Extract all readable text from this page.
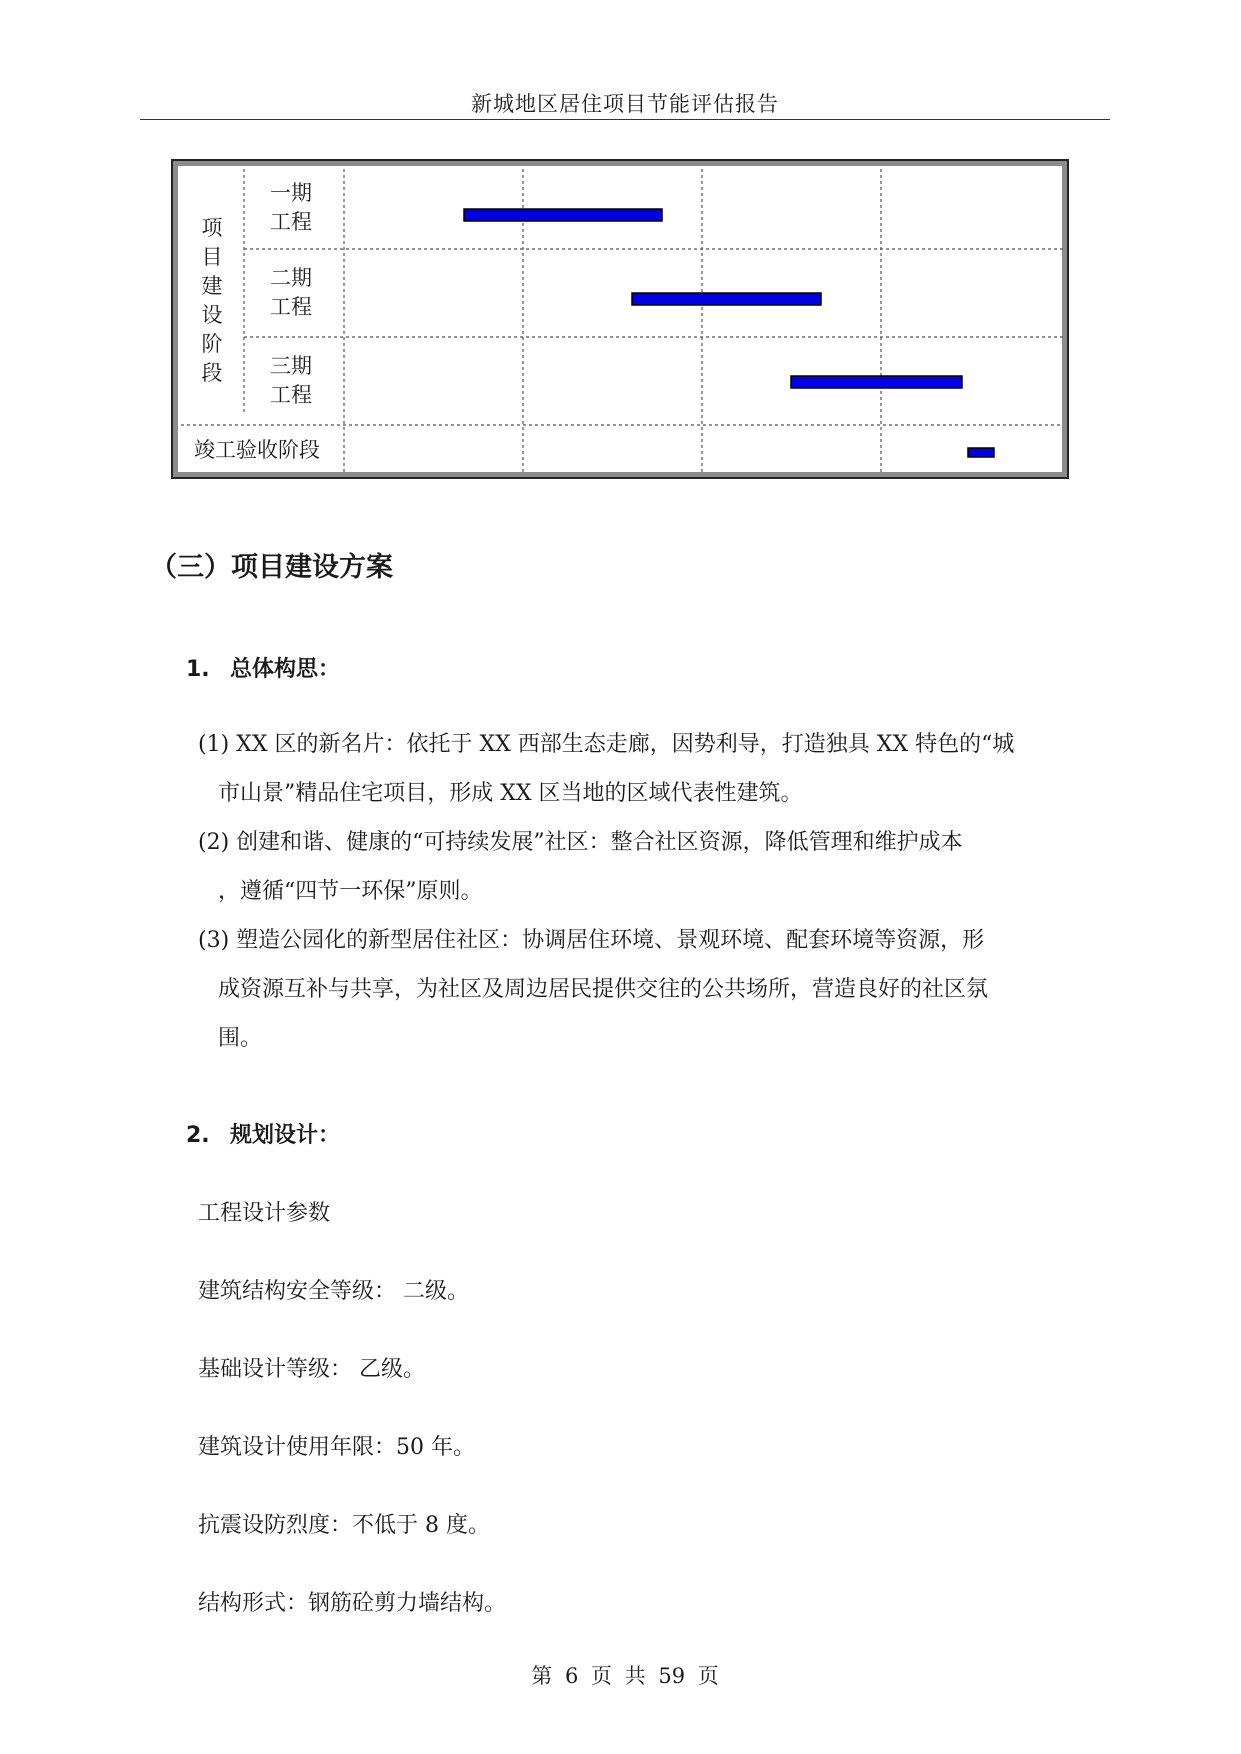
新城地区居住项目节能评估报告
项目建设阶段
一期
工程
二期
工程
三期
工程
竣工验收阶段
（三）项目建设方案
1. 总体构思：
(1) XX 区的新名片：依托于 XX 西部生态走廊，因势利导，打造独具 XX 特色的“城
市山景”精品住宅项目，形成 XX 区当地的区域代表性建筑。
(2) 创建和谐、健康的“可持续发展”社区：整合社区资源，降低管理和维护成本
，遵循“四节一环保”原则。
(3) 塑造公园化的新型居住社区：协调居住环境、景观环境、配套环境等资源，形
成资源互补与共享，为社区及周边居民提供交往的公共场所，营造良好的社区氛
围。
2. 规划设计：
工程设计参数
建筑结构安全等级： 二级。
基础设计等级： 乙级。
建筑设计使用年限：50 年。
抗震设防烈度：不低于 8 度。
结构形式：钢筋砼剪力墙结构。
第 6 页 共 59 页
